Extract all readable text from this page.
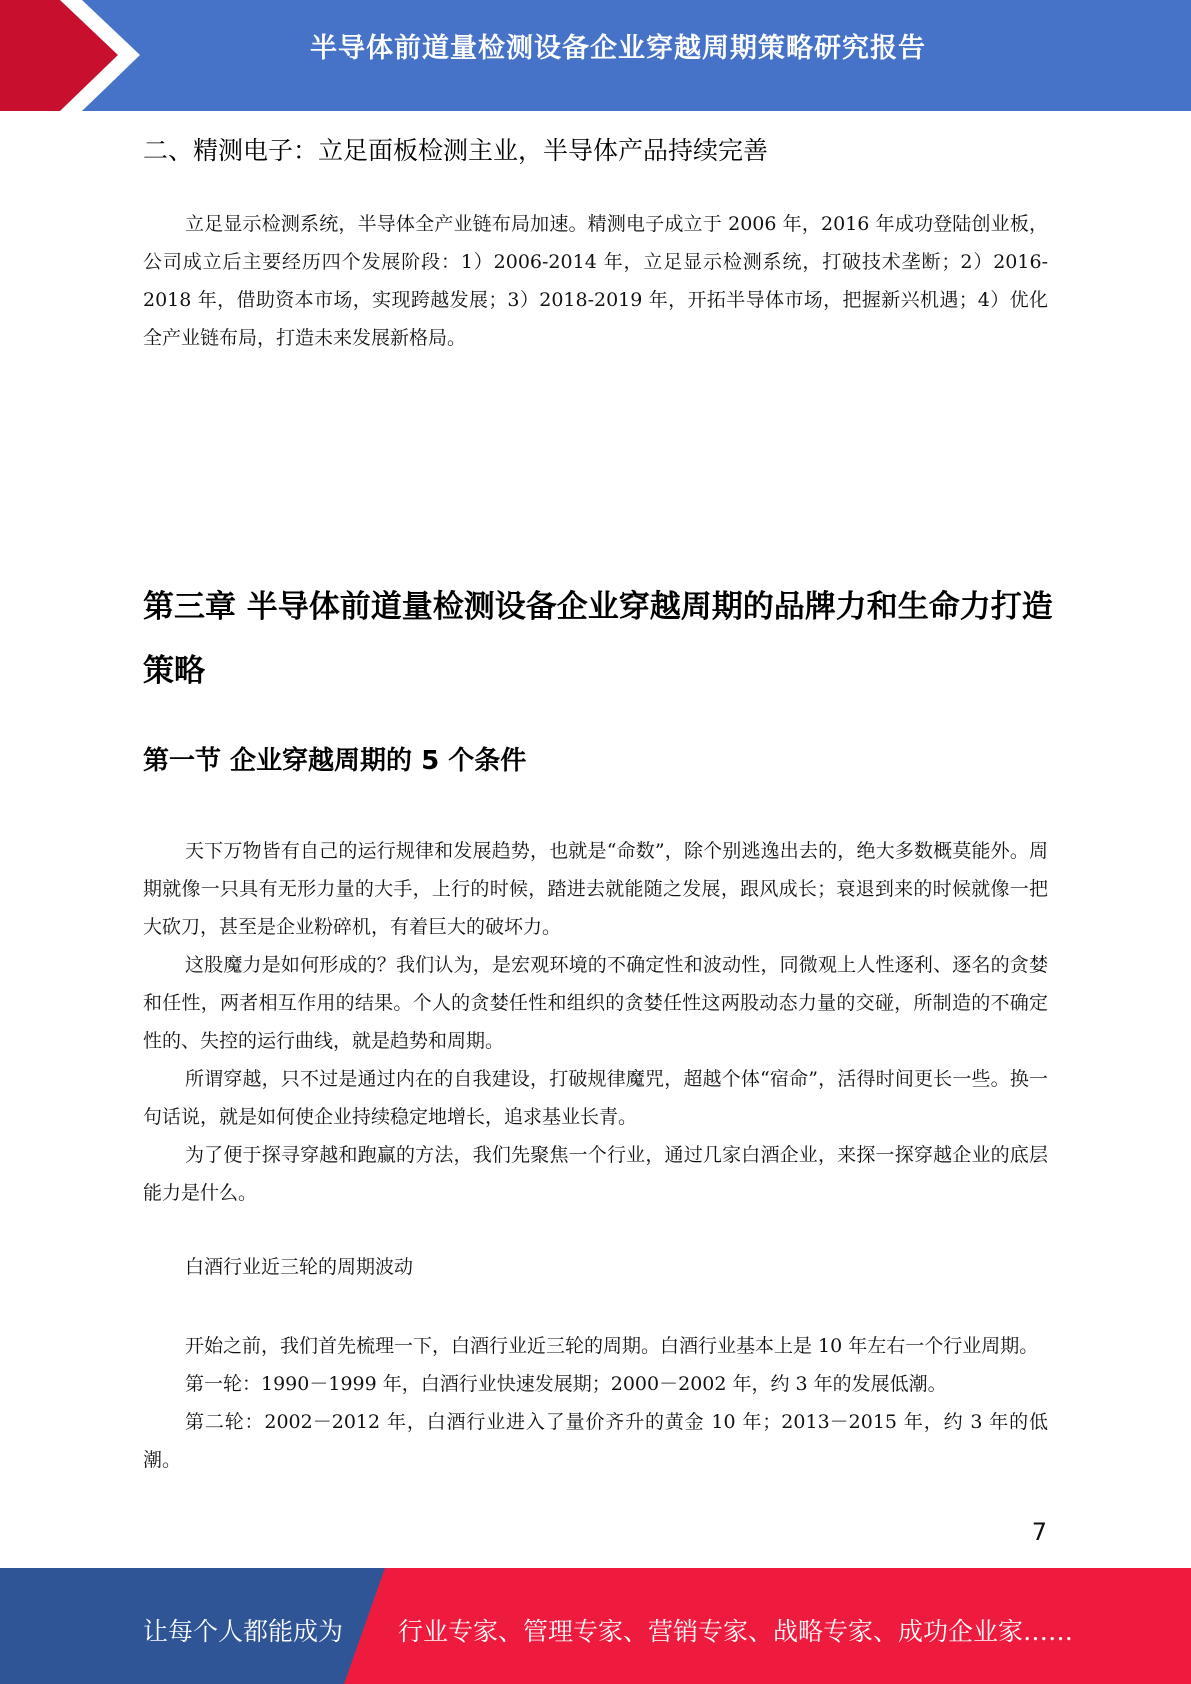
半导体前道量检测设备企业穿越周期策略研究报告
二、精测电子：立足面板检测主业，半导体产品持续完善

立足显示检测系统，半导体全产业链布局加速。精测电子成立于 2006 年，2016 年成功登陆创业板，公司成立后主要经历四个发展阶段：1）2006-2014 年，立足显示检测系统，打破技术垄断；2）2016-2018 年，借助资本市场，实现跨越发展；3）2018-2019 年，开拓半导体市场，把握新兴机遇；4）优化全产业链布局，打造未来发展新格局。

第三章 半导体前道量检测设备企业穿越周期的品牌力和生命力打造策略
第一节 企业穿越周期的 5 个条件

天下万物皆有自己的运行规律和发展趋势，也就是“命数”，除个别逃逸出去的，绝大多数概莫能外。周期就像一只具有无形力量的大手，上行的时候，踏进去就能随之发展，跟风成长；衰退到来的时候就像一把大砍刀，甚至是企业粉碎机，有着巨大的破坏力。

这股魔力是如何形成的？我们认为，是宏观环境的不确定性和波动性，同微观上人性逐利、逐名的贪婪和任性，两者相互作用的结果。个人的贪婪任性和组织的贪婪任性这两股动态力量的交碰，所制造的不确定性的、失控的运行曲线，就是趋势和周期。

所谓穿越，只不过是通过内在的自我建设，打破规律魔咒，超越个体“宿命”，活得时间更长一些。换一句话说，就是如何使企业持续稳定地增长，追求基业长青。

为了便于探寻穿越和跑赢的方法，我们先聚焦一个行业，通过几家白酒企业，来探一探穿越企业的底层能力是什么。

白酒行业近三轮的周期波动

开始之前，我们首先梳理一下，白酒行业近三轮的周期。白酒行业基本上是 10 年左右一个行业周期。

第一轮：1990－1999 年，白酒行业快速发展期；2000－2002 年，约 3 年的发展低潮。

第二轮：2002－2012 年，白酒行业进入了量价齐升的黄金 10 年；2013－2015 年，约 3 年的低潮。

7
让每个人都能成为 行业专家、管理专家、营销专家、战略专家、成功企业家……
